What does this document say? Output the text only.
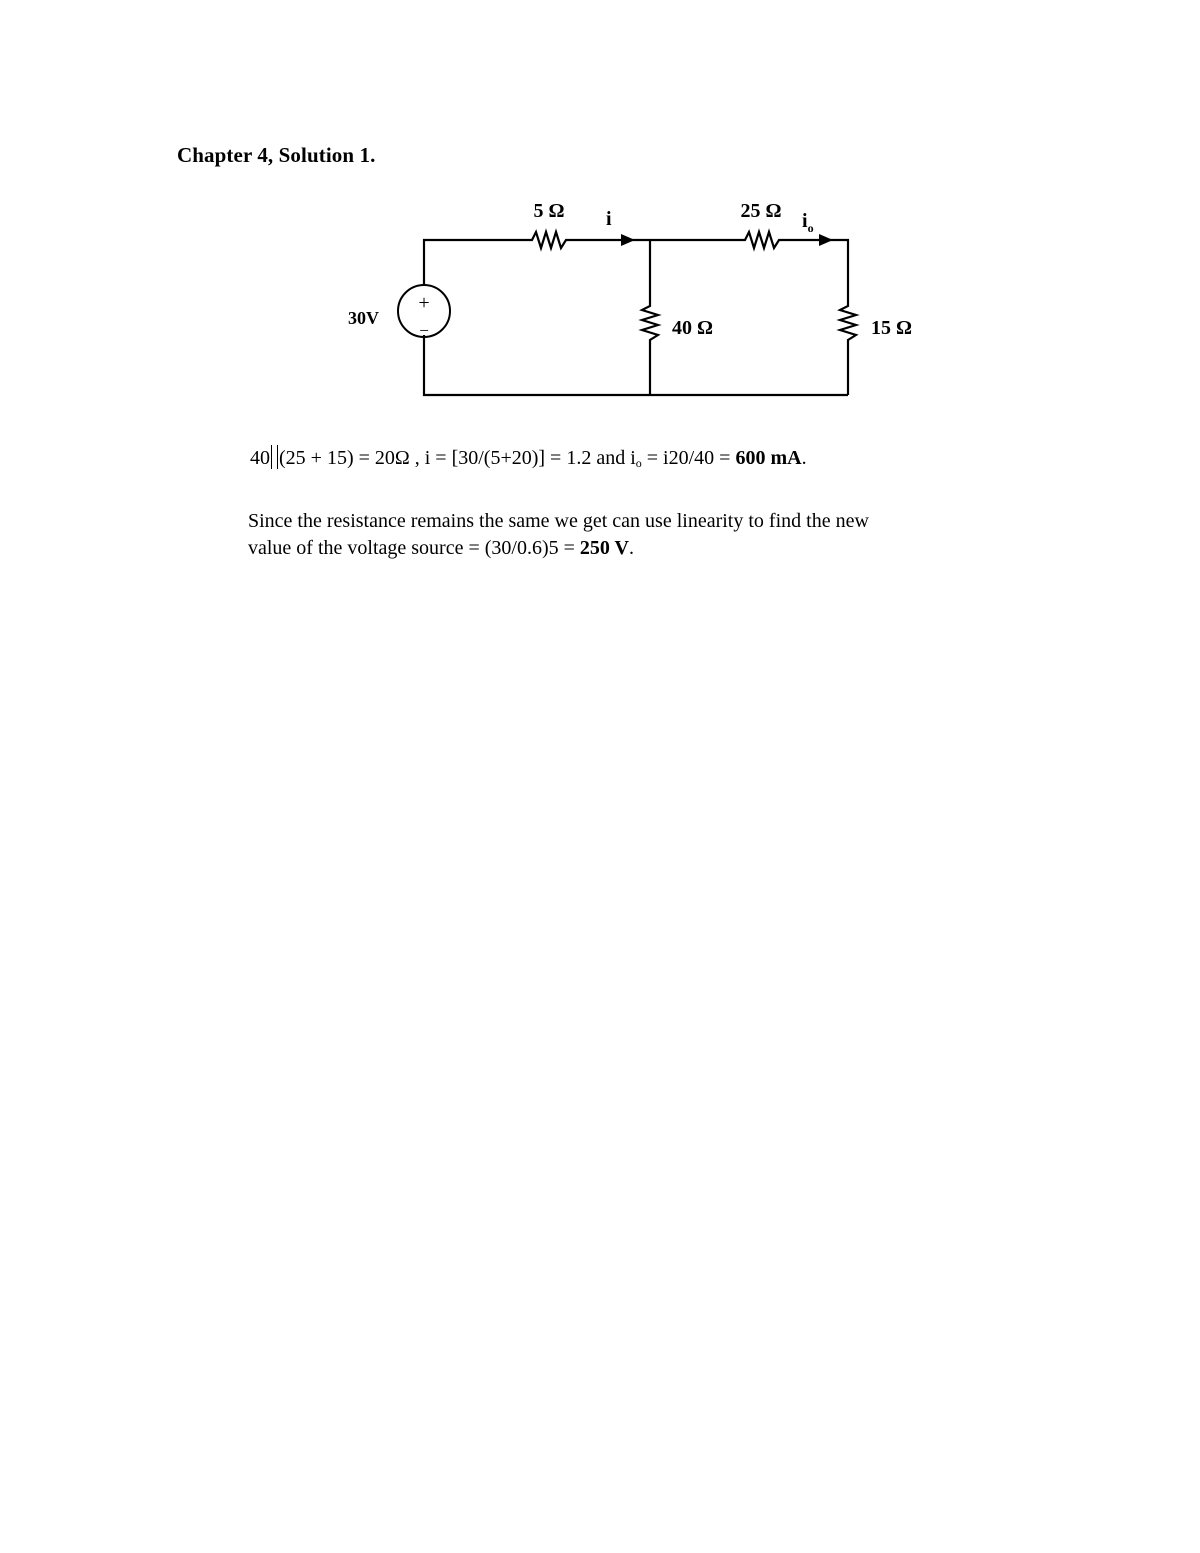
Chapter 4, Solution 1.
+
−
30V
5 Ω	25 Ω
40 Ω	15 Ω
i	$i_o$
40 (25 + 15) = 20Ω , i = [30/(5+20)] = 1.2 and $i_o = i20/40 = 600$ mA.
Since the resistance remains the same we get can use linearity to find the new
value of the voltage source = (30/0.6)5 = 250 V.
